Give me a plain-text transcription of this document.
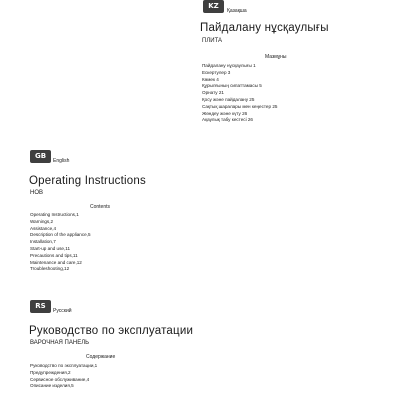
KZ
Қазақша
Пайдалану нұсқаулығы
ПЛИТА
Мазмұны
Пайдалану нұсқаулығы 1
Ескертулер 3
Көмек 4
Құрылғының сипаттамасы 5
Орнату 21
Қосу және пайдалану 25
Сақтық шаралары мен кеңестер 25
Жөндеу және күту 26
Ақаулық табу кестесі 26
GB
English
Operating Instructions
HOB
Contents
Operating Instructions,1
Warnings,2
Assistance,4
Description of the appliance,5
Installation,7
Start-up and use,11
Precautions and tips,11
Maintenance and care,12
Troubleshooting,12
RS
Русский
Руководство по эксплуатации
ВАРОЧНАЯ ПАНЕЛЬ
Содержание
Руководство по эксплуатации,1
Предупреждения,2
Сервисное обслуживание,4
Описание изделия,5
